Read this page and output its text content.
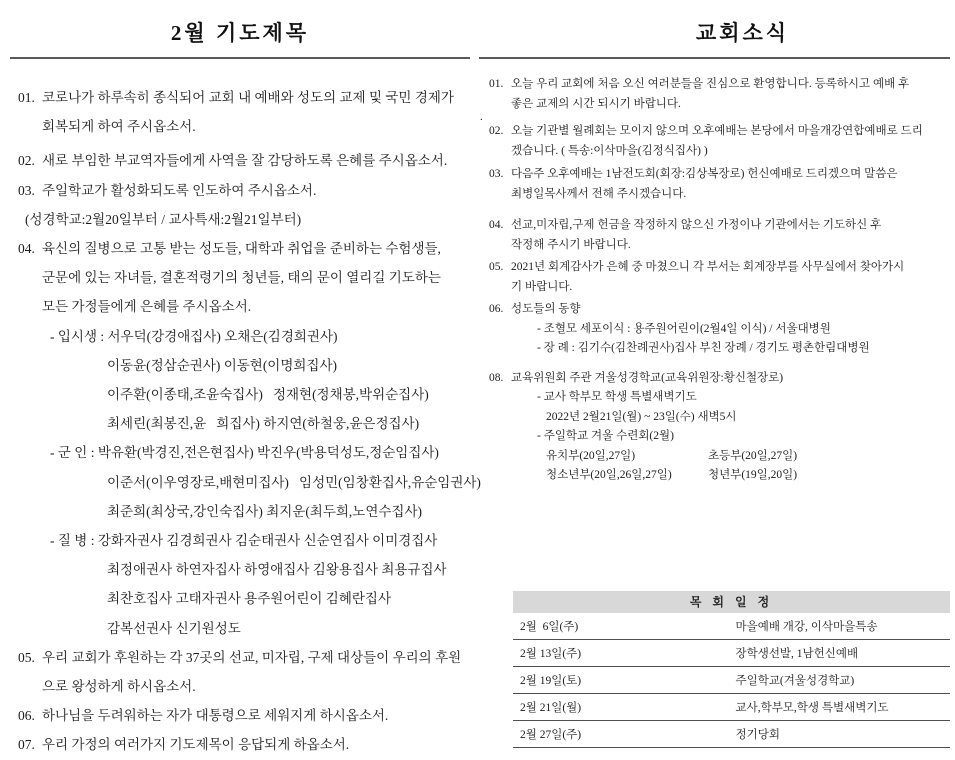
2월 기도제목
01. 코로나가 하루속히 종식되어 교회 내 예배와 성도의 교제 및 국민 경제가
회복되게 하여 주시옵소서.
02. 새로 부임한 부교역자들에게 사역을 잘 감당하도록 은혜를 주시옵소서.
03. 주일학교가 활성화되도록 인도하여 주시옵소서.
(성경학교:2월20일부터 / 교사특새:2월21일부터)
04. 육신의 질병으로 고통 받는 성도들, 대학과 취업을 준비하는 수험생들,
군문에 있는 자녀들, 결혼적령기의 청년들, 태의 문이 열리길 기도하는
모든 가정들에게 은혜를 주시옵소서.
- 입시생 : 서우덕(강경애집사) 오채은(김경희권사)
이동윤(정삼순권사) 이동현(이명희집사)
이주환(이종태,조윤숙집사)   정재현(정채봉,박위순집사)
최세린(최봉진,윤   희집사) 하지연(하철웅,윤은정집사)
- 군 인 : 박유환(박경진,전은현집사) 박진우(박용덕성도,정순임집사)
이준서(이우영장로,배현미집사)   임성민(임창환집사,유순임권사)
최준희(최상국,강인숙집사) 최지운(최두희,노연수집사)
- 질 병 : 강화자권사 김경희권사 김순태권사 신순연집사 이미경집사
최정애권사 하연자집사 하영애집사 김왕용집사 최용규집사
최찬호집사 고태자권사 용주원어린이 김혜란집사
감복선권사 신기원성도
05. 우리 교회가 후원하는 각 37곳의 선교, 미자립, 구제 대상들이 우리의 후원
으로 왕성하게 하시옵소서.
06. 하나님을 두려워하는 자가 대통령으로 세워지게 하시옵소서.
07. 우리 가정의 여러가지 기도제목이 응답되게 하옵소서.
교회소식
01. 오늘 우리 교회에 처음 오신 여러분들을 진심으로 환영합니다. 등록하시고 예배 후
좋은 교제의 시간 되시기 바랍니다.
.
02. 오늘 기관별 월례회는 모이지 않으며 오후예배는 본당에서 마을개강연합예배로 드리
겠습니다. ( 특송:이삭마을(김정식집사) )
03. 다음주 오후예배는 1남전도회(회장:김상복장로) 헌신예배로 드리겠으며 말씀은
최병일목사께서 전해 주시겠습니다.
04. 선교,미자립,구제 헌금을 작정하지 않으신 가정이나 기관에서는 기도하신 후
작정해 주시기 바랍니다.
05. 2021년 회계감사가 은혜 중 마쳤으니 각 부서는 회계장부를 사무실에서 찾아가시
기 바랍니다.
06. 성도들의 동향
- 조혈모 세포이식 : 용주원어린이(2월4일 이식) / 서울대병원
- 장 례 : 김기수(김찬례권사)집사 부친 장례 / 경기도 평촌한림대병원
08. 교육위원회 주관 겨울성경학교(교육위원장:황신철장로)
- 교사 학부모 학생 특별새벽기도
2022년 2월21일(월) ~ 23일(수) 새벽5시
- 주일학교 겨울 수련회(2월)
유치부(20일,27일)	초등부(20일,27일)
청소년부(20일,26일,27일)	청년부(19일,20일)
목 회 일 정	
2월  6일(주)	마을예배 개강, 이삭마을특송
2월 13일(주)	장학생선발, 1남헌신예배
2월 19일(토)	주일학교(겨울성경학교)
2월 21일(월)	교사,학부모,학생 특별새벽기도
2월 27일(주)	정기당회
